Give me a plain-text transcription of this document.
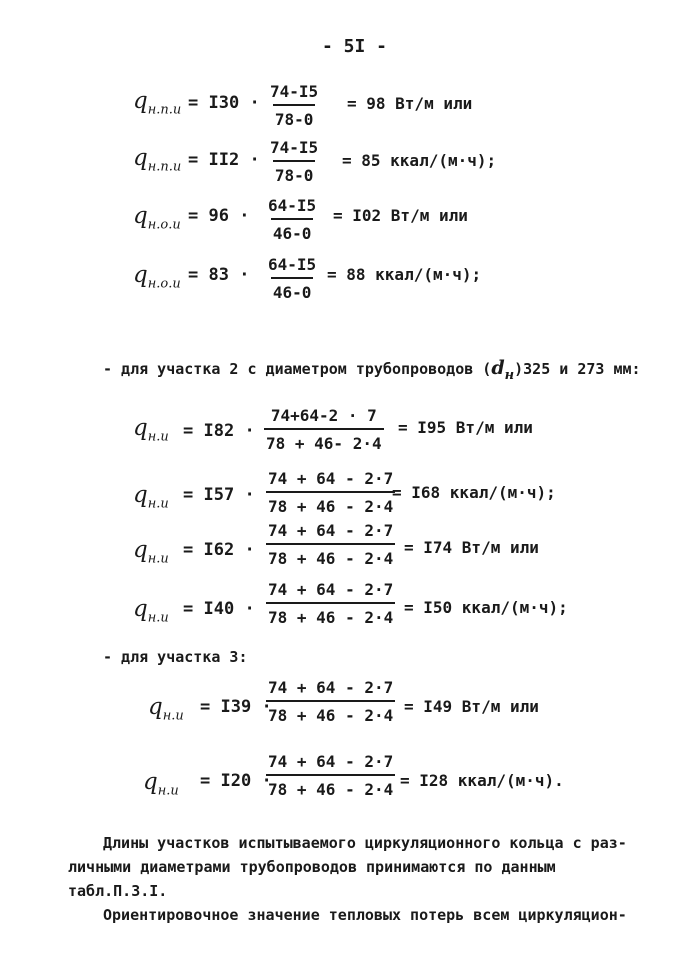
- 5I -
$q_{н.п.и} = I30 \cdot \frac{74-I5}{78-0} = 98$ Вт/м или
$q_{н.п.и} = II2 \cdot \frac{74-I5}{78-0} = 85$ ккал/(м·ч);
$q_{н.о.и} = 96 \cdot \frac{64-I5}{46-0} = I02$ Вт/м или
$q_{н.о.и} = 83 \cdot \frac{64-I5}{46-0} = 88$ ккал/(м·ч);
- для участка 2 с диаметром трубопроводов $(d_н)325$ и 273 мм:
$q_{н.и} = I82 \cdot \frac{74+64-2 \cdot 7}{78 + 46- 2\cdot 4} = I95$ Вт/м или
$q_{н.и} = I57 \cdot \frac{74 + 64 - 2\cdot 7}{78 + 46 - 2\cdot 4}$
= I68 ккал/(м·ч);
$q_{н.и} = I62 \cdot \frac{74 + 64 - 2\cdot 7}{78 + 46 - 2\cdot 4} = I74$ Вт/м или
$q_{н.и} = I40 \cdot \frac{74 + 64 - 2\cdot 7}{78 + 46 - 2\cdot 4} = I50$ ккал/(м·ч);
- для участка 3:
$q_{н.и} = I39$ ·
$\frac{74 + 64 - 2\cdot 7}{78 + 46 - 2\cdot 4} = I49$ Вт/м или
$q_{н.и}$
= I20 ·
$\frac{74 + 64 - 2\cdot 7}{78 + 46 - 2\cdot 4} = I28$ ккал/(м·ч).
Длины участков испытываемого циркуляционного кольца с раз-
личными диаметрами трубопроводов принимаются по данным
табл.П.3.I.
Ориентировочное значение тепловых потерь всем циркуляцион-
